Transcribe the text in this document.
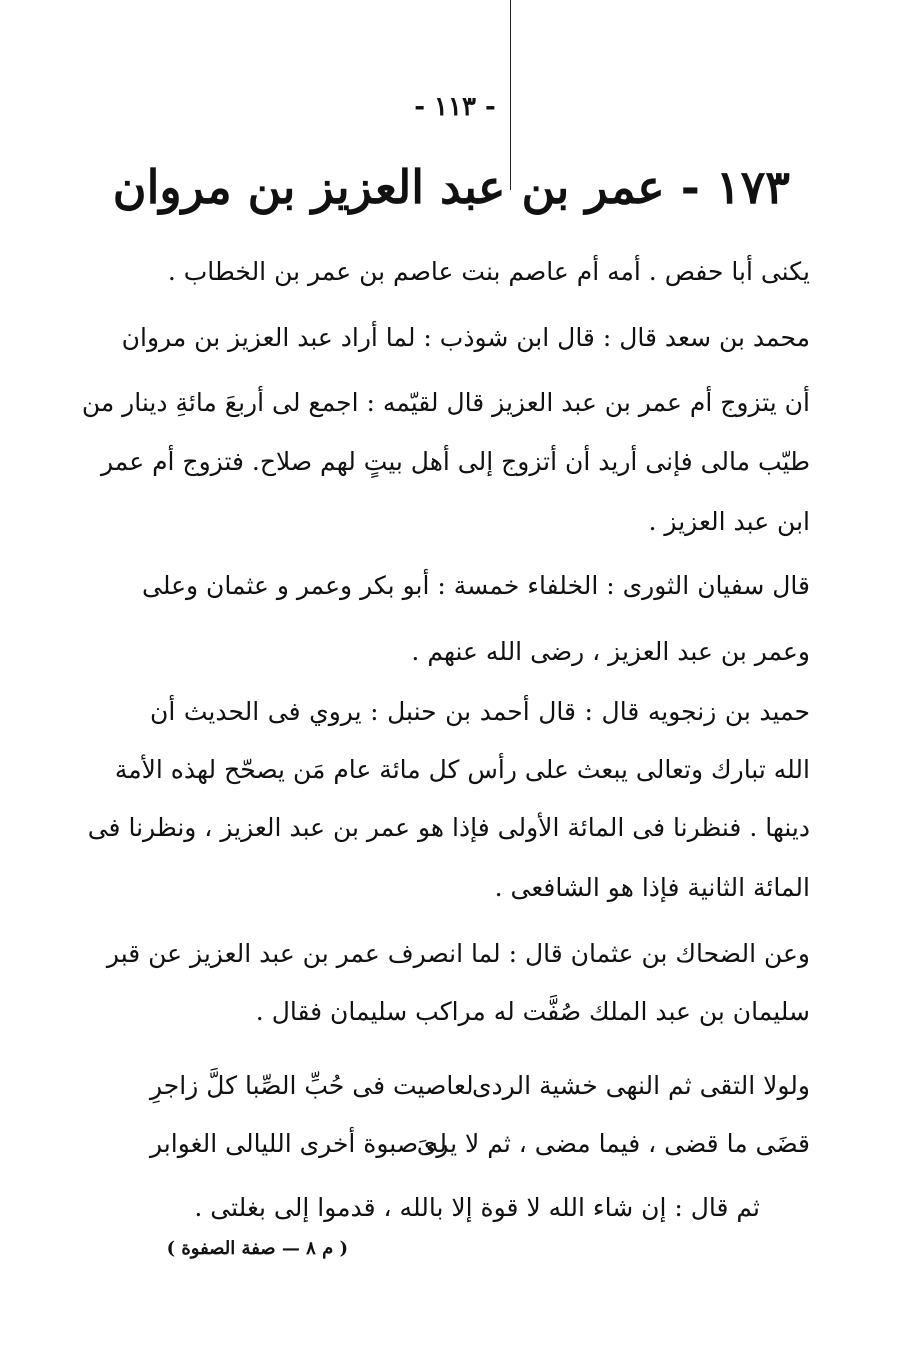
- ١١٣ -
١٧٣ - عمر بن عبد العزيز بن مروان
يكنى أبا حفص . أمه أم عاصم بنت عاصم بن عمر بن الخطاب .
محمد بن سعد قال : قال ابن شوذب : لما أراد عبد العزيز بن مروان
أن يتزوج أم عمر بن عبد العزيز قال لقيّمه : اجمع لى أربعَ مائةِ دينار من
طيّب مالى فإنى أريد أن أتزوج إلى أهل بيتٍ لهم صلاح. فتزوج أم عمر
ابن عبد العزيز .
قال سفيان الثورى : الخلفاء خمسة : أبو بكر وعمر و عثمان وعلى
وعمر بن عبد العزيز ، رضى الله عنهم .
حميد بن زنجويه قال : قال أحمد بن حنبل : يروي فى الحديث أن
الله تبارك وتعالى يبعث على رأس كل مائة عام مَن يصحّح لهذه الأمة
دينها . فنظرنا فى المائة الأولى فإذا هو عمر بن عبد العزيز ، ونظرنا فى
المائة الثانية فإذا هو الشافعى .
وعن الضحاك بن عثمان قال : لما انصرف عمر بن عبد العزيز عن قبر
سليمان بن عبد الملك صُفَّت له مراكب سليمان فقال .
ولولا التقى ثم النهى خشية الردى
لعاصيت فى حُبِّ الصِّبا كلَّ زاجرِ
قضَى ما قضى ، فيما مضى ، ثم لا يرىَ
له صبوة أخرى الليالى الغوابر
ثم قال : إن شاء الله لا قوة إلا بالله ، قدموا إلى بغلتى .
( م ٨ — صفة الصفوة )
